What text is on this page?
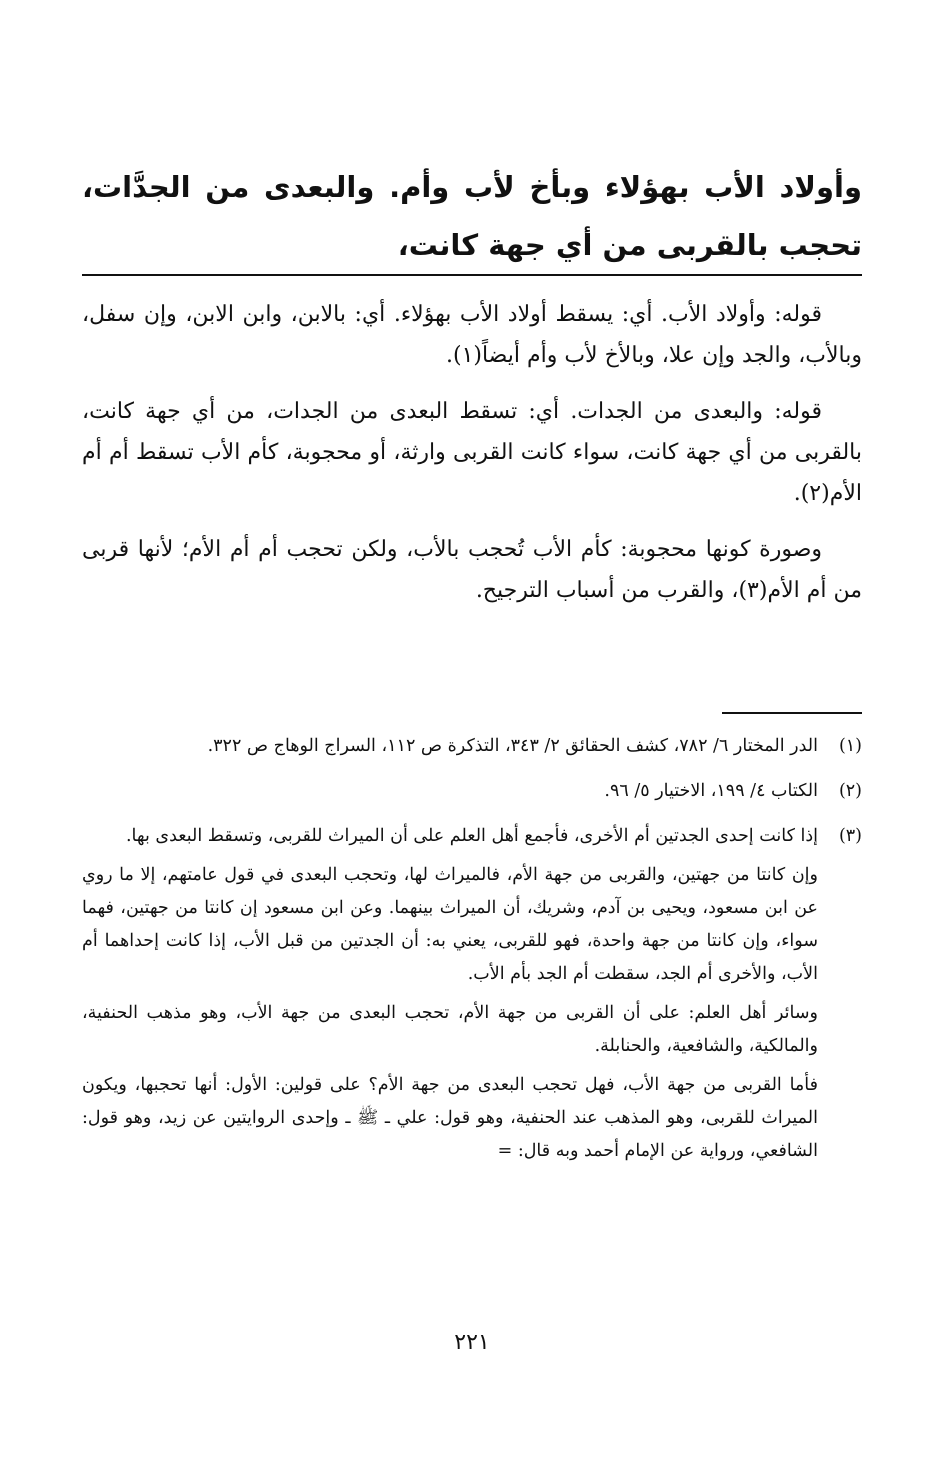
وأولاد الأب بهؤلاء وبأخ لأب وأم. والبعدى من الجدَّات، تحجب بالقربى من أي جهة كانت،

قوله: وأولاد الأب. أي: يسقط أولاد الأب بهؤلاء. أي: بالابن، وابن الابن، وإن سفل، وبالأب، والجد وإن علا، وبالأخ لأب وأم أيضاً(١).

قوله: والبعدى من الجدات. أي: تسقط البعدى من الجدات، من أي جهة كانت، بالقربى من أي جهة كانت، سواء كانت القربى وارثة، أو محجوبة، كأم الأب تسقط أم أم الأم(٢).

وصورة كونها محجوبة: كأم الأب تُحجب بالأب، ولكن تحجب أم أم الأم؛ لأنها قربى من أم الأم(٣)، والقرب من أسباب الترجيح.

(١)

الدر المختار ٦/ ٧٨٢، كشف الحقائق ٢/ ٣٤٣، التذكرة ص ١١٢، السراج الوهاج ص ٣٢٢.

(٢)

الكتاب ٤/ ١٩٩، الاختيار ٥/ ٩٦.

(٣)

إذا كانت إحدى الجدتين أم الأخرى، فأجمع أهل العلم على أن الميراث للقربى، وتسقط البعدى بها.

وإن كانتا من جهتين، والقربى من جهة الأم، فالميراث لها، وتحجب البعدى في قول عامتهم، إلا ما روي عن ابن مسعود، ويحيى بن آدم، وشريك، أن الميراث بينهما. وعن ابن مسعود إن كانتا من جهتين، فهما سواء، وإن كانتا من جهة واحدة، فهو للقربى، يعني به: أن الجدتين من قبل الأب، إذا كانت إحداهما أم الأب، والأخرى أم الجد، سقطت أم الجد بأم الأب.

وسائر أهل العلم: على أن القربى من جهة الأم، تحجب البعدى من جهة الأب، وهو مذهب الحنفية، والمالكية، والشافعية، والحنابلة.

فأما القربى من جهة الأب، فهل تحجب البعدى من جهة الأم؟ على قولين: الأول: أنها تحجبها، ويكون الميراث للقربى، وهو المذهب عند الحنفية، وهو قول: علي ـ ﷺ ـ وإحدى الروايتين عن زيد، وهو قول: الشافعي، ورواية عن الإمام أحمد وبه قال: =

٢٢١
